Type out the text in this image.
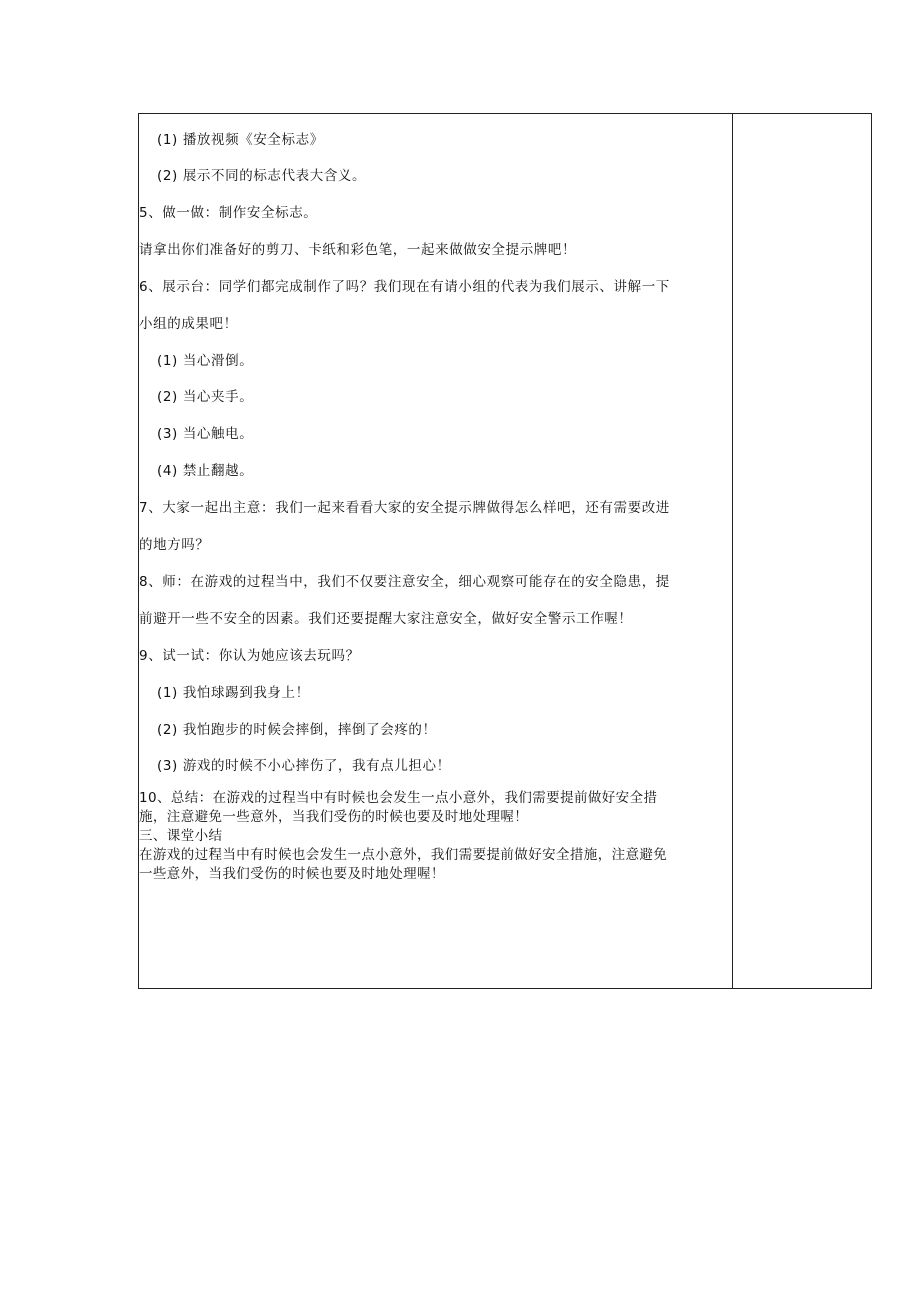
(1) 播放视频《安全标志》
(2) 展示不同的标志代表大含义。
5、做一做：制作安全标志。
请拿出你们准备好的剪刀、卡纸和彩色笔，一起来做做安全提示牌吧！
6、展示台：同学们都完成制作了吗？我们现在有请小组的代表为我们展示、讲解一下
小组的成果吧！
(1) 当心滑倒。
(2) 当心夹手。
(3) 当心触电。
(4) 禁止翻越。
7、大家一起出主意：我们一起来看看大家的安全提示牌做得怎么样吧，还有需要改进
的地方吗？
8、师：在游戏的过程当中，我们不仅要注意安全，细心观察可能存在的安全隐患，提
前避开一些不安全的因素。我们还要提醒大家注意安全，做好安全警示工作喔！
9、试一试：你认为她应该去玩吗？
(1) 我怕球踢到我身上！
(2) 我怕跑步的时候会摔倒，摔倒了会疼的！
(3) 游戏的时候不小心摔伤了，我有点儿担心！
10、总结：在游戏的过程当中有时候也会发生一点小意外，我们需要提前做好安全措
施，注意避免一些意外，当我们受伤的时候也要及时地处理喔！
三、课堂小结
在游戏的过程当中有时候也会发生一点小意外，我们需要提前做好安全措施，注意避免
一些意外，当我们受伤的时候也要及时地处理喔！
